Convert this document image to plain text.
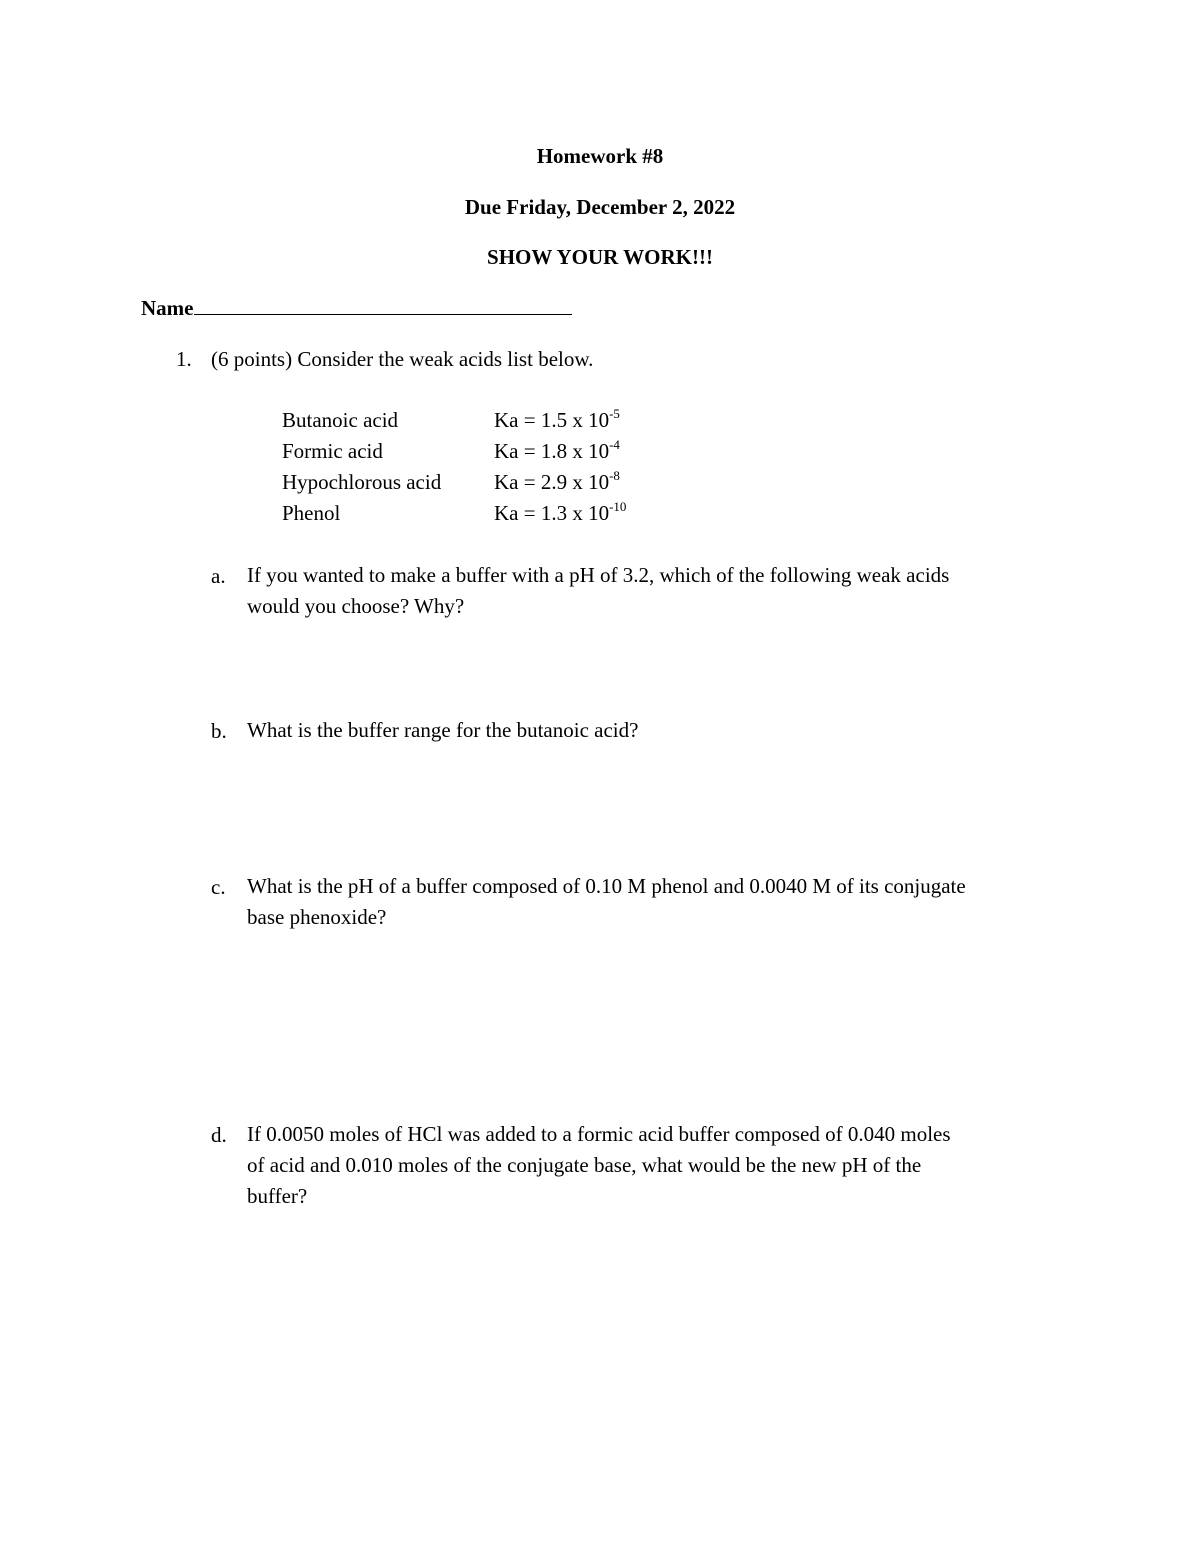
Homework #8
Due Friday, December 2, 2022
SHOW YOUR WORK!!!
Name
1. (6 points) Consider the weak acids list below.
Butanoic acid	Ka = 1.5 x $10^{-5}$
Formic acid	Ka = 1.8 x $10^{-4}$
Hypochlorous acid	Ka = 2.9 x $10^{-8}$
Phenol	Ka = 1.3 x $10^{-10}$
a. If you wanted to make a buffer with a pH of 3.2, which of the following weak acids
would you choose? Why?
b. What is the buffer range for the butanoic acid?
c. What is the pH of a buffer composed of 0.10 M phenol and 0.0040 M of its conjugate
base phenoxide?
d. If 0.0050 moles of HCl was added to a formic acid buffer composed of 0.040 moles
of acid and 0.010 moles of the conjugate base, what would be the new pH of the
buffer?
